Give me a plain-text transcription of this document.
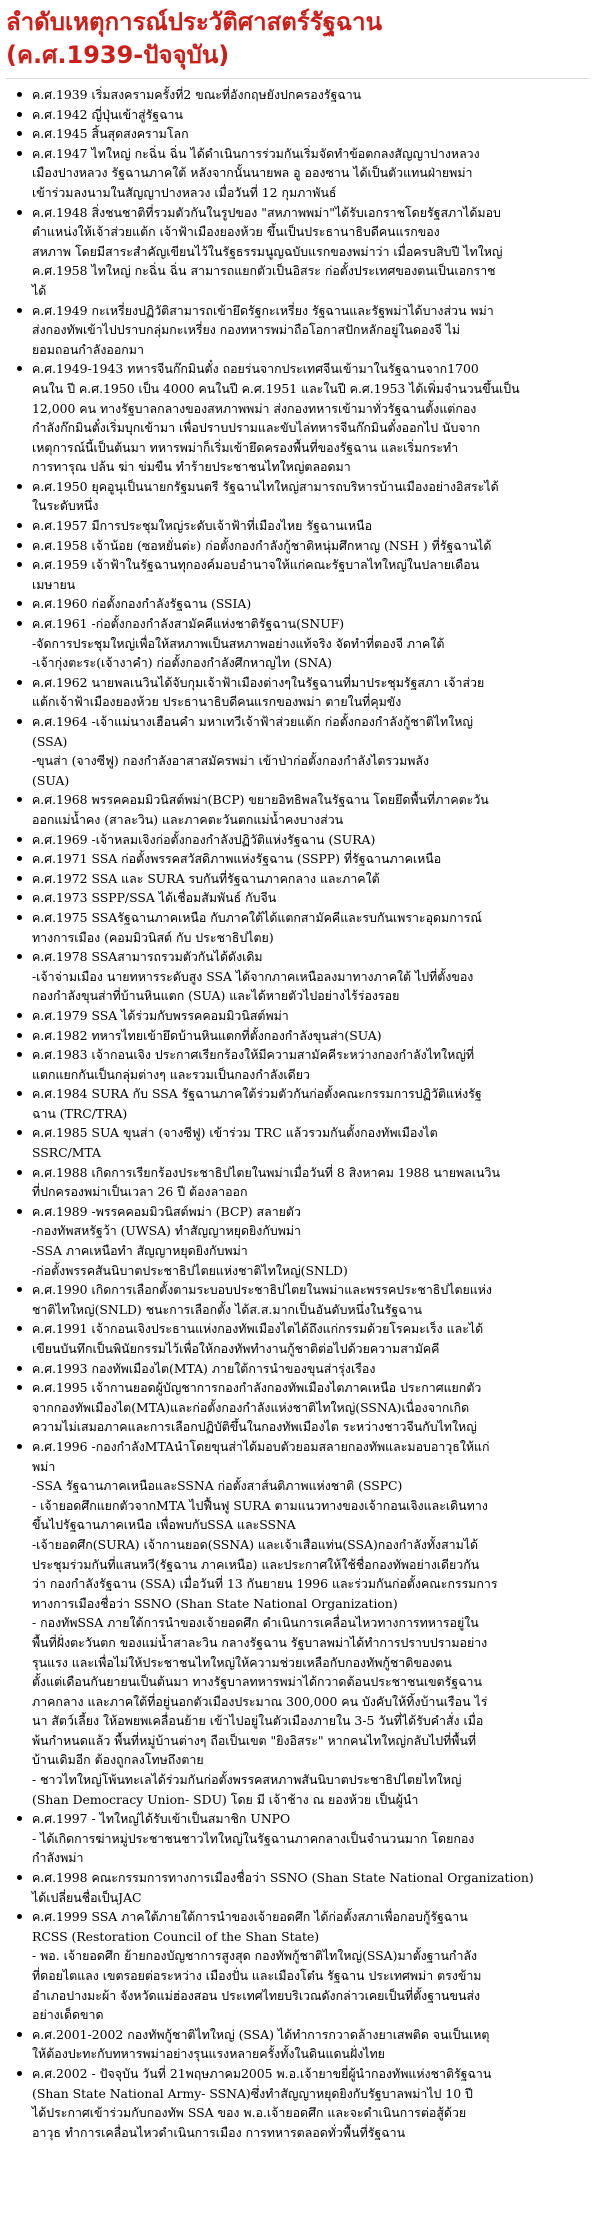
ลำดับเหตุการณ์ประวัติศาสตร์รัฐฉาน
(ค.ศ.1939-ปัจจุบัน)
ค.ศ.1939 เริ่มสงครามครั้งที่2 ขณะที่อังกฤษยังปกครองรัฐฉาน
ค.ศ.1942 ญี่ปุ่นเข้าสู่รัฐฉาน
ค.ศ.1945 สิ้นสุดสงครามโลก
ค.ศ.1947 ไทใหญ่ กะฉิ่น ฉิ่น ได้ดำเนินการร่วมกันเริ่มจัดทำข้อตกลงสัญญาปางหลวง
เมืองปางหลวง รัฐฉานภาคใต้ หลังจากนั้นนายพล อู อองซาน ได้เป็นตัวแทนฝ่ายพม่า
เข้าร่วมลงนามในสัญญาปางหลวง เมื่อวันที่ 12 กุมภาพันธ์
ค.ศ.1948 สิ่งชนชาติที่รวมตัวกันในรูปของ "สหภาพพม่า"ได้รับเอกราชโดยรัฐสภาได้มอบ
ตำแหน่งให้เจ้าส่วยแต้ก เจ้าฟ้าเมืองยองห้วย ขึ้นเป็นประธานาธิบดีคนแรกของ
สหภาพ โดยมีสาระสำคัญเขียนไว้ในรัฐธรรมนูญฉบับแรกของพม่าว่า เมื่อครบสิบปี ไทใหญ่
ค.ศ.1958 ไทใหญ่ กะฉิ่น ฉิ่น สามารถแยกตัวเป็นอิสระ ก่อตั้งประเทศของตนเป็นเอกราช
ได้
ค.ศ.1949 กะเหรี่ยงปฏิวัติสามารถเข้ายึดรัฐกะเหรี่ยง รัฐฉานและรัฐพม่าได้บางส่วน พม่า
ส่งกองทัพเข้าไปปราบกลุ่มกะเหรี่ยง กองทหารพม่าถือโอกาสปักหลักอยู่ในดองจี ไม่
ยอมถอนกำลังออกมา
ค.ศ.1949-1943 ทหารจีนก๊กมินตั๋ง ถอยร่นจากประเทศจีนเข้ามาในรัฐฉานจาก1700
คนใน ปี ค.ศ.1950 เป็น 4000 คนในปี ค.ศ.1951 และในปี ค.ศ.1953 ได้เพิ่มจำนวนขึ้นเป็น
12,000 คน ทางรัฐบาลกลางของสหภาพพม่า ส่งกองทหารเข้ามาทั่วรัฐฉานตั้งแต่กอง
กำลังก๊กมินตั๋งเริ่มบุกเข้ามา เพื่อปราบปรามและขับไล่ทหารจีนก๊กมินตั๋งออกไป นับจาก
เหตุการณ์นี้เป็นต้นมา ทหารพม่าก็เริ่มเข้ายึดครองพื้นที่ของรัฐฉาน และเริ่มกระทำ
การทารุณ ปล้น ฆ่า ข่มขืน ทำร้ายประชาชนไทใหญ่ตลอดมา
ค.ศ.1950 ยุคอูนุเป็นนายกรัฐมนตรี รัฐฉานไทใหญ่สามารถบริหารบ้านเมืองอย่างอิสระได้
ในระดับหนึ่ง
ค.ศ.1957 มีการประชุมใหญ่ระดับเจ้าฟ้าที่เมืองไหย รัฐฉานเหนือ
ค.ศ.1958 เจ้าน้อย (ซอหยั่นต่ะ) ก่อตั้งกองกำลังกู้ชาติหนุ่มศึกหาญ (NSH ) ที่รัฐฉานได้
ค.ศ.1959 เจ้าฟ้าในรัฐฉานทุกองค์มอบอำนาจให้แก่คณะรัฐบาลไทใหญ่ในปลายเดือน
เมษายน
ค.ศ.1960 ก่อตั้งกองกำลังรัฐฉาน (SSIA)
ค.ศ.1961 -ก่อตั้งกองกำลังสามัคคีแห่งชาติรัฐฉาน(SNUF)
-จัดการประชุมใหญ่เพื่อให้สหภาพเป็นสหภาพอย่างแท้จริง จัดทำที่ตองจี ภาคใต้
-เจ้ากุ่งตะระ(เจ้างาคำ) ก่อตั้งกองกำลังศึกหาญไท (SNA)
ค.ศ.1962 นายพลเนวินได้จับกุมเจ้าฟ้าเมืองต่างๆในรัฐฉานที่มาประชุมรัฐสภา เจ้าส่วย
แต้กเจ้าฟ้าเมืองยองห้วย ประธานาธิบดีคนแรกของพม่า ตายในที่คุมขัง
ค.ศ.1964 -เจ้าแม่นางเฮือนคำ มหาเทวีเจ้าฟ้าส่วยแต้ก ก่อตั้งกองกำลังกู้ชาติไทใหญ่
(SSA)
-ขุนส่า (จางซีฟู) กองกำลังอาสาสมัครพม่า เข้าป่าก่อตั้งกองกำลังไตรวมพลัง
(SUA)
ค.ศ.1968 พรรคคอมมิวนิสต์พม่า(BCP) ขยายอิทธิพลในรัฐฉาน โดยยึดพื้นที่ภาคตะวัน
ออกแม่น้ำคง (สาละวิน) และภาคตะวันตกแม่น้ำคงบางส่วน
ค.ศ.1969 -เจ้าหลมเจิงก่อตั้งกองกำลังปฏิวัติแห่งรัฐฉาน (SURA)
ค.ศ.1971 SSA ก่อตั้งพรรคสวัสดิภาพแห่งรัฐฉาน (SSPP) ที่รัฐฉานภาคเหนือ
ค.ศ.1972 SSA และ SURA รบกันที่รัฐฉานภาคกลาง และภาคใต้
ค.ศ.1973 SSPP/SSA ได้เชื่อมสัมพันธ์ กับจีน
ค.ศ.1975 SSAรัฐฉานภาคเหนือ กับภาคใต้ได้แตกสามัคคีและรบกันเพราะอุดมการณ์
ทางการเมือง (คอมมิวนิสต์ กับ ประชาธิปไตย)
ค.ศ.1978 SSAสามารถรวมตัวกันได้ดังเดิม
-เจ้าจ่ามเมือง นายทหารระดับสูง SSA ได้จากภาคเหนือลงมาทางภาคใต้ ไปที่ตั้งของ
กองกำลังขุนส่าที่บ้านหินแตก (SUA) และได้หายตัวไปอย่างไร้ร่องรอย
ค.ศ.1979 SSA ได้ร่วมกับพรรคคอมมิวนิสต์พม่า
ค.ศ.1982 ทหารไทยเข้ายึดบ้านหินแตกที่ตั้งกองกำลังขุนส่า(SUA)
ค.ศ.1983 เจ้ากอนเจิง ประกาศเรียกร้องให้มีความสามัคคีระหว่างกองกำลังไทใหญ่ที่
แตกแยกกันเป็นกลุ่มต่างๆ และรวมเป็นกองกำลังเดียว
ค.ศ.1984 SURA กับ SSA รัฐฉานภาคใต้ร่วมตัวกันก่อตั้งคณะกรรมการปฏิวัติแห่งรัฐ
ฉาน (TRC/TRA)
ค.ศ.1985 SUA ขุนส่า (จางซีฟู) เข้าร่วม TRC แล้วรวมกันตั้งกองทัพเมืองไต
SSRC/MTA
ค.ศ.1988 เกิดการเรียกร้องประชาธิปไตยในพม่าเมื่อวันที่ 8 สิงหาคม 1988 นายพลเนวิน
ที่ปกครองพม่าเป็นเวลา 26 ปี ต้องลาออก
ค.ศ.1989 -พรรคคอมมิวนิสต์พม่า (BCP) สลายตัว
-กองทัพสหรัฐว้า (UWSA) ทำสัญญาหยุดยิงกับพม่า
-SSA ภาคเหนือทำ สัญญาหยุดยิงกับพม่า
-ก่อตั้งพรรคสันนิบาตประชาธิปไตยแห่งชาติไทใหญ่(SNLD)
ค.ศ.1990 เกิดการเลือกตั้งตามระบอบประชาธิปไตยในพม่าและพรรคประชาธิปไตยแห่ง
ชาติไทใหญ่(SNLD) ชนะการเลือกตั้ง ได้ส.ส.มากเป็นอันดับหนึ่งในรัฐฉาน
ค.ศ.1991 เจ้ากอนเจิงประธานแห่งกองทัพเมืองไตได้ถึงแก่กรรมด้วยโรคมะเร็ง และได้
เขียนบันทึกเป็นพินัยกรรมไว้เพื่อให้กองทัพทำงานกู้ชาติต่อไปด้วยความสามัคคี
ค.ศ.1993 กองทัพเมืองไต(MTA) ภายใต้การนำของขุนส่ารุ่งเรือง
ค.ศ.1995 เจ้ากานยอดผู้บัญชาการกองกำลังกองทัพเมืองไตภาคเหนือ ประกาศแยกตัว
จากกองทัพเมืองไต(MTA)และก่อตั้งกองกำลังแห่งชาติไทใหญ่(SSNA)เนื่องจากเกิด
ความไม่เสมอภาคและการเลือกปฏิบัติขึ้นในกองทัพเมืองไต ระหว่างชาวจีนกับไทใหญ่
ค.ศ.1996 -กองกำลังMTAนำโดยขุนส่าได้มอบตัวยอมสลายกองทัพและมอบอาวุธให้แก่
พม่า
-SSA รัฐฉานภาคเหนือและSSNA ก่อตั้งสาส์นติภาพแห่งชาติ (SSPC)
- เจ้ายอดศึกแยกตัวจากMTA ไปฟื้นฟู SURA ตามแนวทางของเจ้ากอนเจิงและเดินทาง
ขึ้นไปรัฐฉานภาคเหนือ เพื่อพบกับSSA และSSNA
-เจ้ายอดศึก(SURA) เจ้ากานยอด(SSNA) และเจ้าเสือแท่น(SSA)กองกำลังทั้งสามได้
ประชุมร่วมกันที่แสนหวี(รัฐฉาน ภาคเหนือ) และประกาศให้ใช้ชื่อกองทัพอย่างเดียวกัน
ว่า กองกำลังรัฐฉาน (SSA) เมื่อวันที่ 13 กันยายน 1996 และร่วมกันก่อตั้งคณะกรรมการ
ทางการเมืองชื่อว่า SSNO (Shan State National Organization)
- กองทัพSSA ภายใต้การนำของเจ้ายอดศึก ดำเนินการเคลื่อนไหวทางการทหารอยู่ใน
พื้นที่ฝั่งตะวันตก ของแม่น้ำสาละวิน กลางรัฐฉาน รัฐบาลพม่าได้ทำการปราบปรามอย่าง
รุนแรง และเพื่อไม่ให้ประชาชนไทใหญ่ให้ความช่วยเหลือกับกองทัพกู้ชาติของตน
ตั้งแต่เดือนกันยายนเป็นต้นมา ทางรัฐบาลทหารพม่าได้กวาดต้อนประชาชนเขตรัฐฉาน
ภาคกลาง และภาคใต้ที่อยู่นอกตัวเมืองประมาณ 300,000 คน บังคับให้ทิ้งบ้านเรือน ไร่
นา สัตว์เลี้ยง ให้อพยพเคลื่อนย้าย เข้าไปอยู่ในตัวเมืองภายใน 3-5 วันที่ได้รับคำสั่ง เมื่อ
พ้นกำหนดแล้ว พื้นที่หมู่บ้านต่างๆ ถือเป็นเขต "ยิงอิสระ" หากคนไทใหญ่กลับไปที่พื้นที่
บ้านเดิมอีก ต้องถูกลงโทษถึงตาย
- ชาวไทใหญ่โพ้นทะเลได้ร่วมกันก่อตั้งพรรคสหภาพสันนิบาตประชาธิปไตยไทใหญ่
(Shan Democracy Union- SDU) โดย มี เจ้าช้าง ณ ยองห้วย เป็นผู้นำ
ค.ศ.1997 - ไทใหญ่ได้รับเข้าเป็นสมาชิก UNPO
- ได้เกิดการฆ่าหมู่ประชาชนชาวไทใหญ่ในรัฐฉานภาคกลางเป็นจำนวนมาก โดยกอง
กำลังพม่า
ค.ศ.1998 คณะกรรมการทางการเมืองชื่อว่า SSNO (Shan State National Organization)
ได้เปลี่ยนชื่อเป็นJAC
ค.ศ.1999 SSA ภาคใต้ภายใต้การนำของเจ้ายอดศึก ได้ก่อตั้งสภาเพื่อกอบกู้รัฐฉาน
RCSS (Restoration Council of the Shan State)
- พอ. เจ้ายอดศึก ย้ายกองบัญชาการสูงสุด กองทัพกู้ชาติไทใหญ่(SSA)มาตั้งฐานกำลัง
ที่ดอยไตแลง เขตรอยต่อระหว่าง เมืองปั่น และเมืองโต๋น รัฐฉาน ประเทศพม่า ตรงข้าม
อำเภอปางมะผ้า จังหวัดแม่ฮ่องสอน ประเทศไทยบริเวณดังกล่าวเคยเป็นที่ตั้งฐานขนส่ง
อย่างเด็ดขาด
ค.ศ.2001-2002 กองทัพกู้ชาติไทใหญ่ (SSA) ได้ทำการกวาดล้างยาเสพติด จนเป็นเหตุ
ให้ต้องปะทะกับทหารพม่าอย่างรุนแรงหลายครั้งทั้งในดินแดนฝั่งไทย
ค.ศ.2002 - ปัจจุบัน วันที่ 21พฤษภาคม2005 พ.อ.เจ้ายาขยี่ผู้นำกองทัพแห่งชาติรัฐฉาน
(Shan State National Army- SSNA)ซึ่งทำสัญญาหยุดยิงกับรัฐบาลพม่าไป 10 ปี
ได้ประกาศเข้าร่วมกับกองทัพ SSA ของ พ.อ.เจ้ายอดศึก และจะดำเนินการต่อสู้ด้วย
อาวุธ ทำการเคลื่อนไหวดำเนินการเมือง การทหารตลอดทั่วพื้นที่รัฐฉาน
